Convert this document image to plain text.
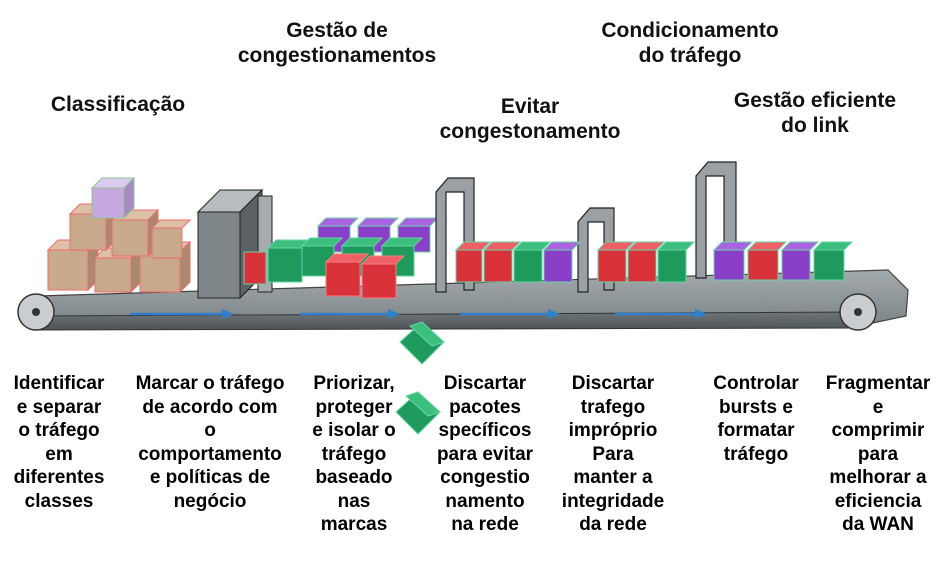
Classificação
Gestão de
congestionamentos
Evitar
congestonamento
Condicionamento
do tráfego
Gestão eficiente
do link
Identificar
e separar
o tráfego
em
diferentes
classes
Marcar o tráfego
de acordo com
o
comportamento
e políticas de
negócio
Priorizar,
proteger
e isolar o
tráfego
baseado
nas
marcas
Discartar
pacotes
specíficos
para evitar
congestio
namento
na rede
Discartar
trafego
impróprio
Para
manter a
integridade
da rede
Controlar
bursts e
formatar
tráfego
Fragmentar
e
comprimir
para
melhorar a
eficiencia
da WAN
